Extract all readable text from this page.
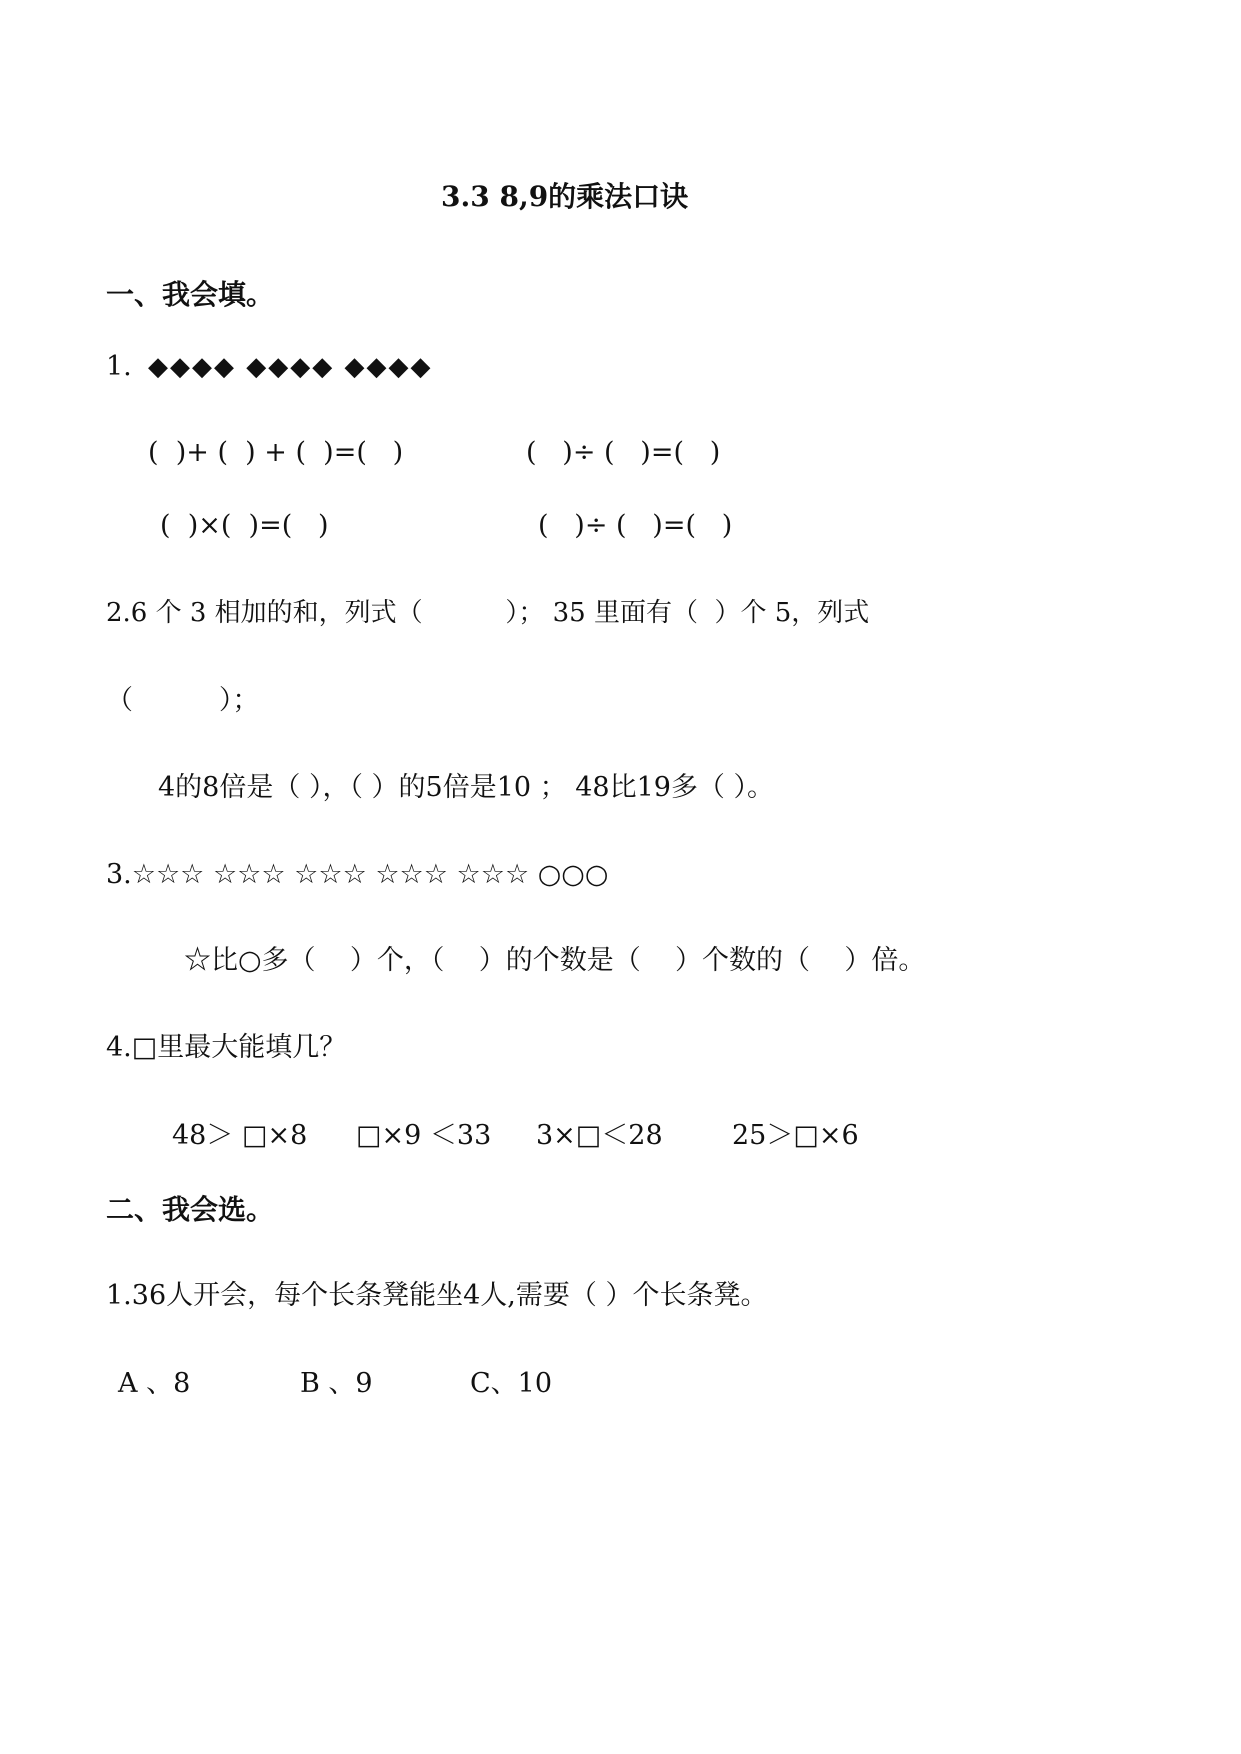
3.3 8,9的乘法口诀
一、我会填。
1. ◆◆◆◆ ◆◆◆◆ ◆◆◆◆
(  )+ (  ) + (  )=(   )	(   )÷ (   )=(   )
(  )×(  )=(   )	(   )÷ (   )=(   )
2.6 个 3 相加的和，列式（          ）； 35 里面有（  ）个 5，列式
（          ）；
4的8倍是（ ），（ ）的5倍是10 ； 48比19多（ ）。
3.☆☆☆ ☆☆☆ ☆☆☆ ☆☆☆ ☆☆☆ ○○○
☆比○多（    ）个，（    ）的个数是（    ）个数的（    ）倍。
4.□里最大能填几？
48＞ □×8 □×9 ＜33 3×□＜28	25＞□×6
二、我会选。
1.36人开会，每个长条凳能坐4人,需要（ ）个长条凳。
A 、8	B 、9	C、10
